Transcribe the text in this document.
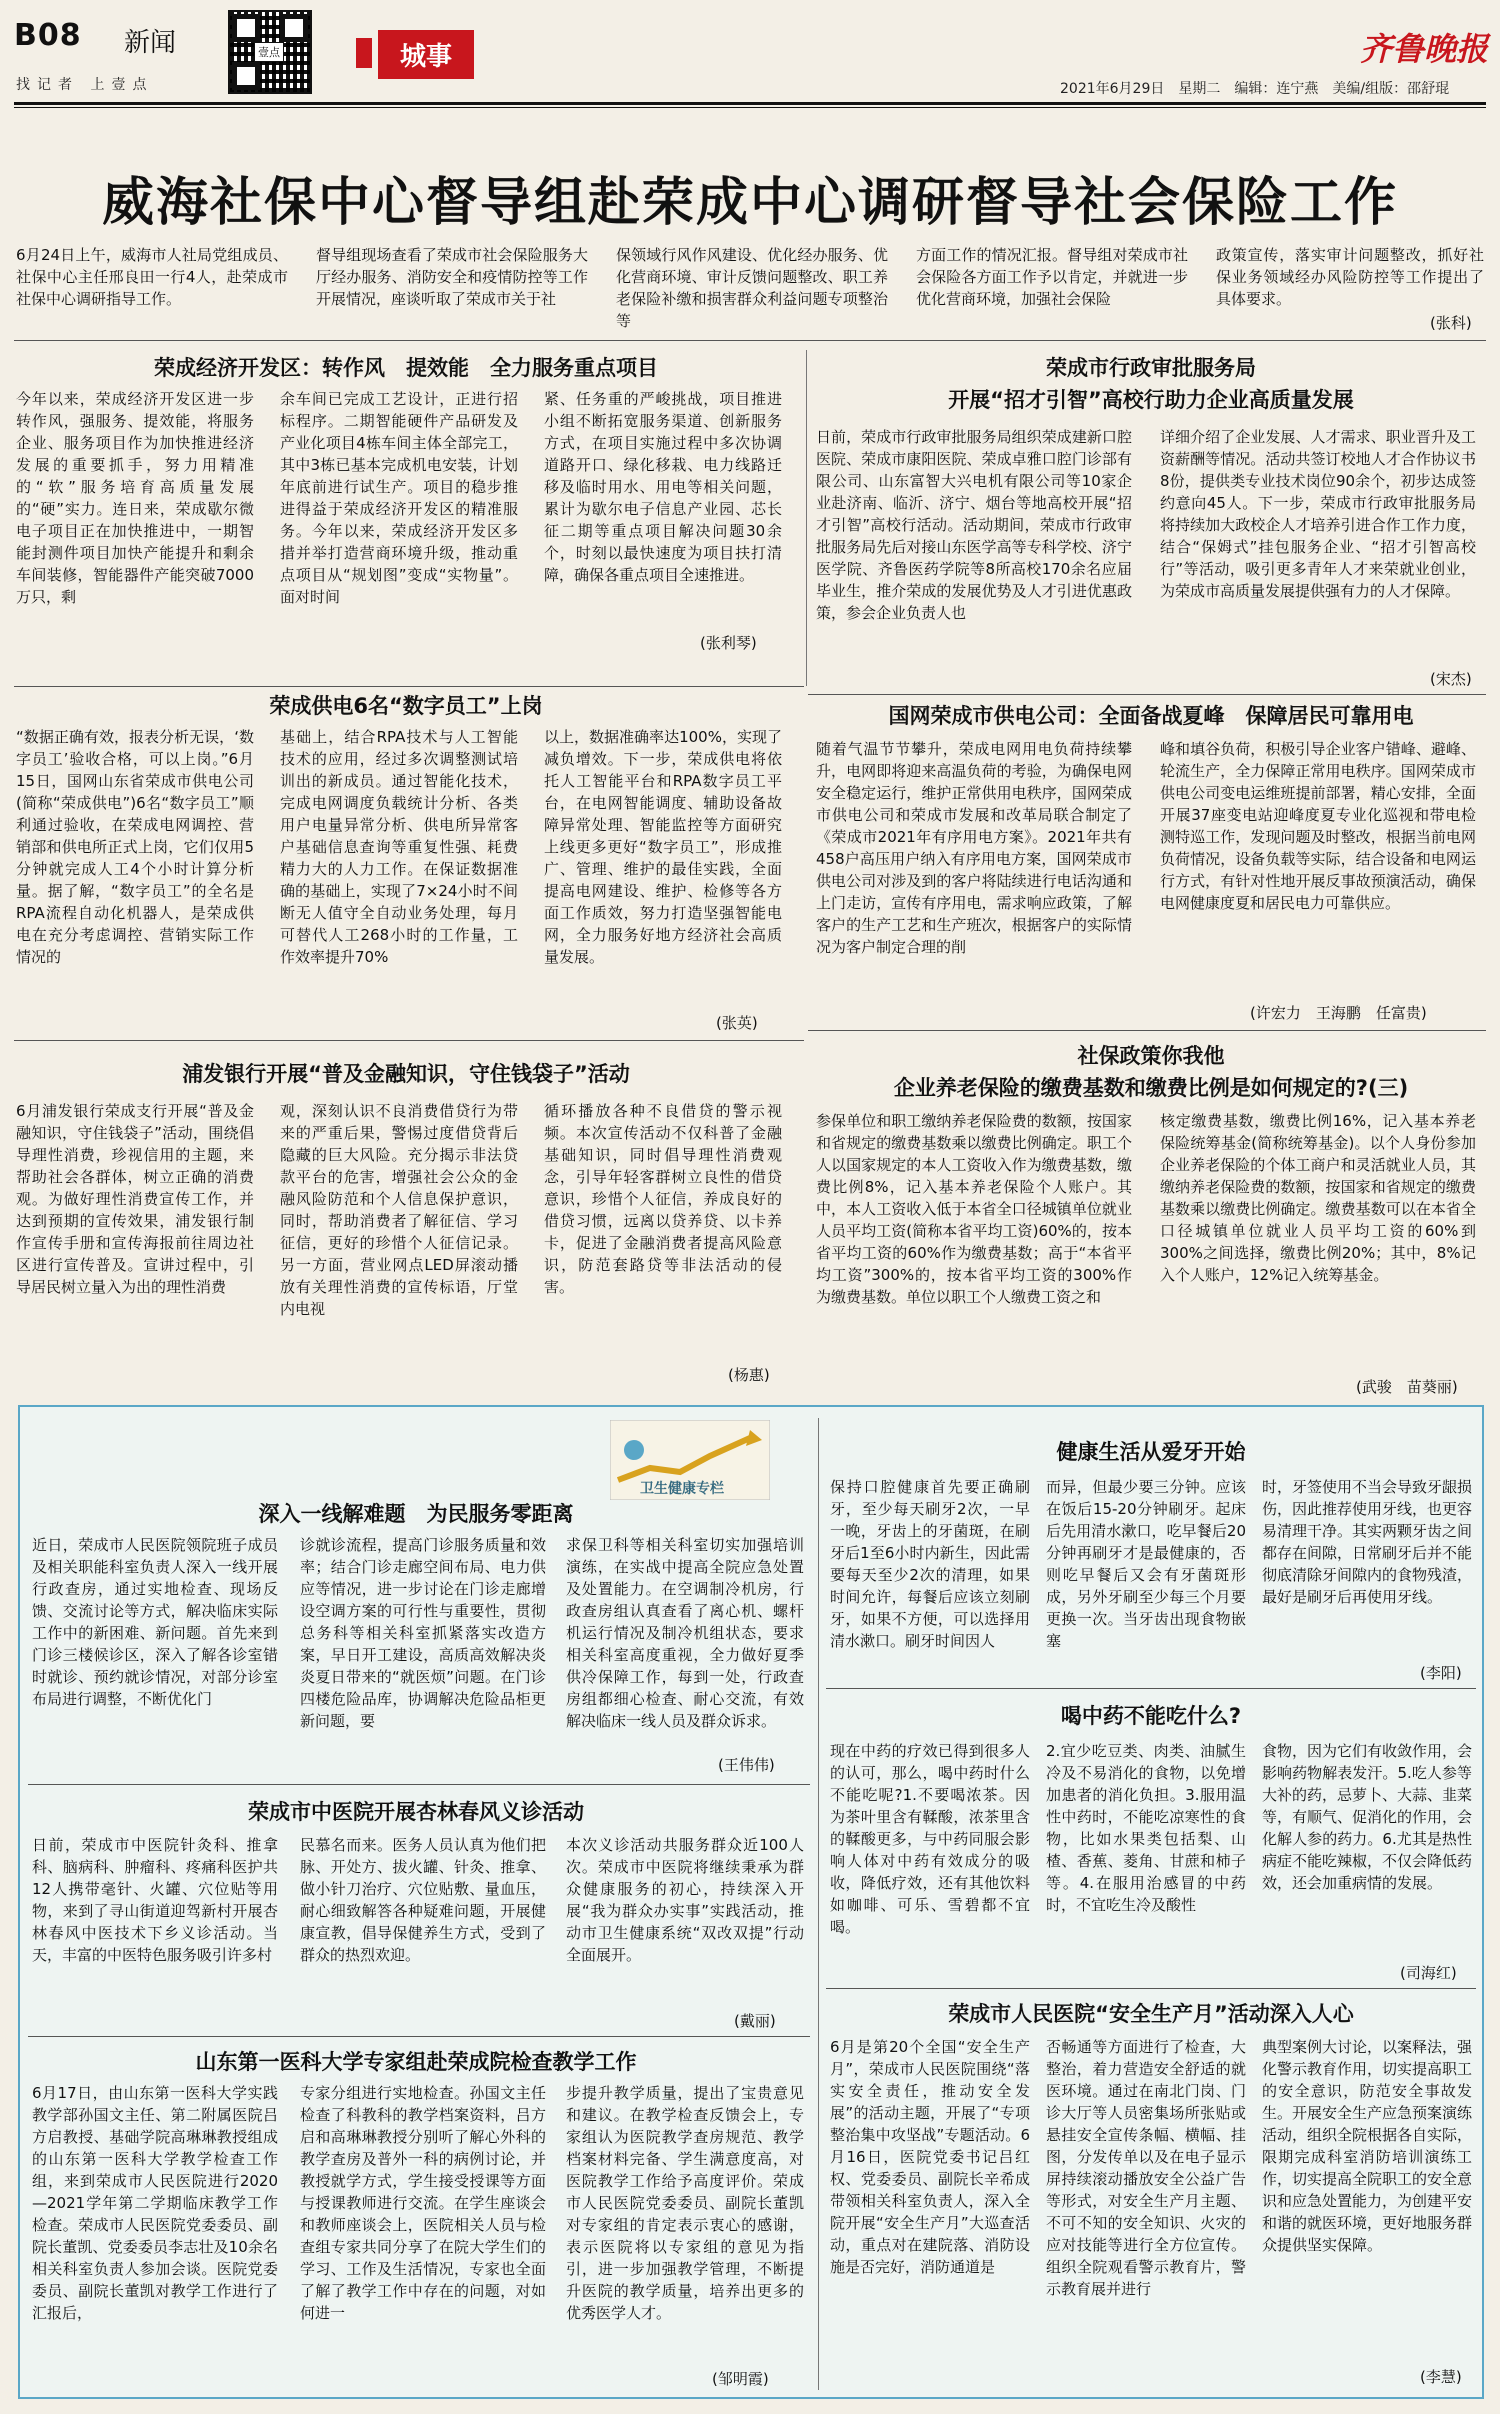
B08 新闻
找记者 上壹点
壹点	城事	齐鲁晚报
2021年6月29日　星期二　编辑：连宁燕　美编/组版：邵舒琨
威海社保中心督导组赴荣成中心调研督导社会保险工作
6月24日上午，威海市人社局党组成员、社保中心主任邢良田一行4人，赴荣成市社保中心调研指导工作。
督导组现场查看了荣成市社会保险服务大厅经办服务、消防安全和疫情防控等工作开展情况，座谈听取了荣成市关于社
保领域行风作风建设、优化经办服务、优化营商环境、审计反馈问题整改、职工养老保险补缴和损害群众利益问题专项整治等
方面工作的情况汇报。督导组对荣成市社会保险各方面工作予以肯定，并就进一步优化营商环境，加强社会保险
政策宣传，落实审计问题整改，抓好社保业务领域经办风险防控等工作提出了具体要求。
(张科)
荣成经济开发区：转作风　提效能　全力服务重点项目
今年以来，荣成经济开发区进一步转作风，强服务、提效能，将服务企业、服务项目作为加快推进经济发展的重要抓手，努力用精准的“软”服务培育高质量发展的“硬”实力。连日来，荣成歇尔微电子项目正在加快推进中，一期智能封测件项目加快产能提升和剩余车间装修，智能器件产能突破7000万只，剩
余车间已完成工艺设计，正进行招标程序。二期智能硬件产品研发及产业化项目4栋车间主体全部完工，其中3栋已基本完成机电安装，计划年底前进行试生产。项目的稳步推进得益于荣成经济开发区的精准服务。今年以来，荣成经济开发区多措并举打造营商环境升级，推动重点项目从“规划图”变成“实物量”。面对时间
紧、任务重的严峻挑战，项目推进小组不断拓宽服务渠道、创新服务方式，在项目实施过程中多次协调道路开口、绿化移栽、电力线路迁移及临时用水、用电等相关问题，累计为歇尔电子信息产业园、芯长征二期等重点项目解决问题30余个，时刻以最快速度为项目扶打清障，确保各重点项目全速推进。
(张利琴)
荣成市行政审批服务局
开展“招才引智”高校行助力企业高质量发展
日前，荣成市行政审批服务局组织荣成建新口腔医院、荣成市康阳医院、荣成卓雅口腔门诊部有限公司、山东富智大兴电机有限公司等10家企业赴济南、临沂、济宁、烟台等地高校开展“招才引智”高校行活动。活动期间，荣成市行政审批服务局先后对接山东医学高等专科学校、济宁医学院、齐鲁医药学院等8所高校170余名应届毕业生，推介荣成的发展优势及人才引进优惠政策，参会企业负责人也
详细介绍了企业发展、人才需求、职业晋升及工资薪酬等情况。活动共签订校地人才合作协议书8份，提供类专业技术岗位90余个，初步达成签约意向45人。下一步，荣成市行政审批服务局将持续加大政校企人才培养引进合作工作力度，结合“保姆式”挂包服务企业、“招才引智高校行”等活动，吸引更多青年人才来荣就业创业，为荣成市高质量发展提供强有力的人才保障。
(宋杰)
荣成供电6名“数字员工”上岗
“数据正确有效，报表分析无误，‘数字员工’验收合格，可以上岗。”6月15日，国网山东省荣成市供电公司(简称“荣成供电”)6名“数字员工”顺利通过验收，在荣成电网调控、营销部和供电所正式上岗，它们仅用5分钟就完成人工4个小时计算分析量。据了解，“数字员工”的全名是RPA流程自动化机器人，是荣成供电在充分考虑调控、营销实际工作情况的
基础上，结合RPA技术与人工智能技术的应用，经过多次调整测试培训出的新成员。通过智能化技术，完成电网调度负载统计分析、各类用户电量异常分析、供电所异常客户基础信息查询等重复性强、耗费精力大的人力工作。在保证数据准确的基础上，实现了7×24小时不间断无人值守全自动业务处理，每月可替代人工268小时的工作量，工作效率提升70%
以上，数据准确率达100%，实现了减负增效。下一步，荣成供电将依托人工智能平台和RPA数字员工平台，在电网智能调度、辅助设备故障异常处理、智能监控等方面研究上线更多更好“数字员工”，形成推广、管理、维护的最佳实践，全面提高电网建设、维护、检修等各方面工作质效，努力打造坚强智能电网，全力服务好地方经济社会高质量发展。
(张英)
国网荣成市供电公司：全面备战夏峰　保障居民可靠用电
随着气温节节攀升，荣成电网用电负荷持续攀升，电网即将迎来高温负荷的考验，为确保电网安全稳定运行，维护正常供用电秩序，国网荣成市供电公司和荣成市发展和改革局联合制定了《荣成市2021年有序用电方案》。2021年共有458户高压用户纳入有序用电方案，国网荣成市供电公司对涉及到的客户将陆续进行电话沟通和上门走访，宣传有序用电，需求响应政策，了解客户的生产工艺和生产班次，根据客户的实际情况为客户制定合理的削
峰和填谷负荷，积极引导企业客户错峰、避峰、轮流生产，全力保障正常用电秩序。国网荣成市供电公司变电运维班提前部署，精心安排，全面开展37座变电站迎峰度夏专业化巡视和带电检测特巡工作，发现问题及时整改，根据当前电网负荷情况，设备负载等实际，结合设备和电网运行方式，有针对性地开展反事故预演活动，确保电网健康度夏和居民电力可靠供应。
(许宏力　王海鹏　任富贵)
浦发银行开展“普及金融知识，守住钱袋子”活动
6月浦发银行荣成支行开展“普及金融知识，守住钱袋子”活动，围绕倡导理性消费，珍视信用的主题，来帮助社会各群体，树立正确的消费观。为做好理性消费宣传工作，并达到预期的宣传效果，浦发银行制作宣传手册和宣传海报前往周边社区进行宣传普及。宣讲过程中，引导居民树立量入为出的理性消费
观，深刻认识不良消费借贷行为带来的严重后果，警惕过度借贷背后隐藏的巨大风险。充分揭示非法贷款平台的危害，增强社会公众的金融风险防范和个人信息保护意识，同时，帮助消费者了解征信、学习征信，更好的珍惜个人征信记录。另一方面，营业网点LED屏滚动播放有关理性消费的宣传标语，厅堂内电视
循环播放各种不良借贷的警示视频。本次宣传活动不仅科普了金融基础知识，同时倡导理性消费观念，引导年轻客群树立良性的借贷意识，珍惜个人征信，养成良好的借贷习惯，远离以贷养贷、以卡养卡，促进了金融消费者提高风险意识，防范套路贷等非法活动的侵害。
(杨惠)
社保政策你我他
企业养老保险的缴费基数和缴费比例是如何规定的?(三)
参保单位和职工缴纳养老保险费的数额，按国家和省规定的缴费基数乘以缴费比例确定。职工个人以国家规定的本人工资收入作为缴费基数，缴费比例8%，记入基本养老保险个人账户。其中，本人工资收入低于本省全口径城镇单位就业人员平均工资(简称本省平均工资)60%的，按本省平均工资的60%作为缴费基数；高于“本省平均工资”300%的，按本省平均工资的300%作为缴费基数。单位以职工个人缴费工资之和
核定缴费基数，缴费比例16%，记入基本养老保险统筹基金(简称统筹基金)。以个人身份参加企业养老保险的个体工商户和灵活就业人员，其缴纳养老保险费的数额，按国家和省规定的缴费基数乘以缴费比例确定。缴费基数可以在本省全口径城镇单位就业人员平均工资的60%到300%之间选择，缴费比例20%；其中，8%记入个人账户，12%记入统筹基金。
(武骏　苗葵丽)
卫生健康专栏
深入一线解难题　为民服务零距离
近日，荣成市人民医院领院班子成员及相关职能科室负责人深入一线开展行政查房，通过实地检查、现场反馈、交流讨论等方式，解决临床实际工作中的新困难、新问题。首先来到门诊三楼候诊区，深入了解各诊室错时就诊、预约就诊情况，对部分诊室布局进行调整，不断优化门
诊就诊流程，提高门诊服务质量和效率；结合门诊走廊空间布局、电力供应等情况，进一步讨论在门诊走廊增设空调方案的可行性与重要性，贯彻总务科等相关科室抓紧落实改造方案，早日开工建设，高质高效解决炎炎夏日带来的“就医烦”问题。在门诊四楼危险品库，协调解决危险品柜更新问题，要
求保卫科等相关科室切实加强培训演练，在实战中提高全院应急处置及处置能力。在空调制冷机房，行政查房组认真查看了离心机、螺杆机运行情况及制冷机组状态，要求相关科室高度重视，全力做好夏季供冷保障工作，每到一处，行政查房组都细心检查、耐心交流，有效解决临床一线人员及群众诉求。
(王伟伟)
荣成市中医院开展杏林春风义诊活动
日前，荣成市中医院针灸科、推拿科、脑病科、肿瘤科、疼痛科医护共12人携带毫针、火罐、穴位贴等用物，来到了寻山街道迎驾新村开展杏林春风中医技术下乡义诊活动。当天，丰富的中医特色服务吸引许多村
民慕名而来。医务人员认真为他们把脉、开处方、拔火罐、针灸、推拿、做小针刀治疗、穴位贴敷、量血压，耐心细致解答各种疑难问题，开展健康宣教，倡导保健养生方式，受到了群众的热烈欢迎。
本次义诊活动共服务群众近100人次。荣成市中医院将继续秉承为群众健康服务的初心，持续深入开展“我为群众办实事”实践活动，推动市卫生健康系统“双改双提”行动全面展开。
(戴丽)
山东第一医科大学专家组赴荣成院检查教学工作
6月17日，由山东第一医科大学实践教学部孙国文主任、第二附属医院吕方启教授、基础学院高琳琳教授组成的山东第一医科大学教学检查工作组，来到荣成市人民医院进行2020—2021学年第二学期临床教学工作检查。荣成市人民医院党委委员、副院长董凯、党委委员李志壮及10余名相关科室负责人参加会谈。医院党委委员、副院长董凯对教学工作进行了汇报后，
专家分组进行实地检查。孙国文主任检查了科教科的教学档案资料，吕方启和高琳琳教授分别听了解心外科的教学查房及普外一科的病例讨论，并教授就学方式，学生接受授课等方面与授课教师进行交流。在学生座谈会和教师座谈会上，医院相关人员与检查组专家共同分享了在院大学生们的学习、工作及生活情况，专家也全面了解了教学工作中存在的问题，对如何进一
步提升教学质量，提出了宝贵意见和建议。在教学检查反馈会上，专家组认为医院教学查房规范、教学档案材料完备、学生满意度高，对医院教学工作给予高度评价。荣成市人民医院党委委员、副院长董凯对专家组的肯定表示衷心的感谢，表示医院将以专家组的意见为指引，进一步加强教学管理，不断提升医院的教学质量，培养出更多的优秀医学人才。
(邹明霞)
健康生活从爱牙开始
保持口腔健康首先要正确刷牙，至少每天刷牙2次，一早一晚，牙齿上的牙菌斑，在刷牙后1至6小时内新生，因此需要每天至少2次的清理，如果时间允许，每餐后应该立刻刷牙，如果不方便，可以选择用清水漱口。刷牙时间因人
而异，但最少要三分钟。应该在饭后15-20分钟刷牙。起床后先用清水漱口，吃早餐后20分钟再刷牙才是最健康的，否则吃早餐后又会有牙菌斑形成，另外牙刷至少每三个月要更换一次。当牙齿出现食物嵌塞
时，牙签使用不当会导致牙龈损伤，因此推荐使用牙线，也更容易清理干净。其实两颗牙齿之间都存在间隙，日常刷牙后并不能彻底清除牙间隙内的食物残渣，最好是刷牙后再使用牙线。
(李阳)
喝中药不能吃什么?
现在中药的疗效已得到很多人的认可，那么，喝中药时什么不能吃呢?1.不要喝浓茶。因为茶叶里含有鞣酸，浓茶里含的鞣酸更多，与中药同服会影响人体对中药有效成分的吸收，降低疗效，还有其他饮料如咖啡、可乐、雪碧都不宜喝。
2.宜少吃豆类、肉类、油腻生冷及不易消化的食物，以免增加患者的消化负担。3.服用温性中药时，不能吃凉寒性的食物，比如水果类包括梨、山楂、香蕉、菱角、甘蔗和柿子等。4.在服用治感冒的中药时，不宜吃生冷及酸性
食物，因为它们有收敛作用，会影响药物解表发汗。5.吃人参等大补的药，忌萝卜、大蒜、韭菜等，有顺气、促消化的作用，会化解人参的药力。6.尤其是热性病症不能吃辣椒，不仅会降低药效，还会加重病情的发展。
(司海红)
荣成市人民医院“安全生产月”活动深入人心
6月是第20个全国“安全生产月”，荣成市人民医院围绕“落实安全责任，推动安全发展”的活动主题，开展了“专项整治集中攻坚战”专题活动。6月16日，医院党委书记吕红权、党委委员、副院长辛希成带领相关科室负责人，深入全院开展“安全生产月”大巡查活动，重点对在建院落、消防设施是否完好，消防通道是
否畅通等方面进行了检查，大整治，着力营造安全舒适的就医环境。通过在南北门岗、门诊大厅等人员密集场所张贴或悬挂安全宣传条幅、横幅、挂图，分发传单以及在电子显示屏持续滚动播放安全公益广告等形式，对安全生产月主题、不可不知的安全知识、火灾的应对技能等进行全方位宣传。组织全院观看警示教育片，警示教育展并进行
典型案例大讨论，以案释法，强化警示教育作用，切实提高职工的安全意识，防范安全事故发生。开展安全生产应急预案演练活动，组织全院根据各自实际，限期完成科室消防培训演练工作，切实提高全院职工的安全意识和应急处置能力，为创建平安和谐的就医环境，更好地服务群众提供坚实保障。
(李慧)
